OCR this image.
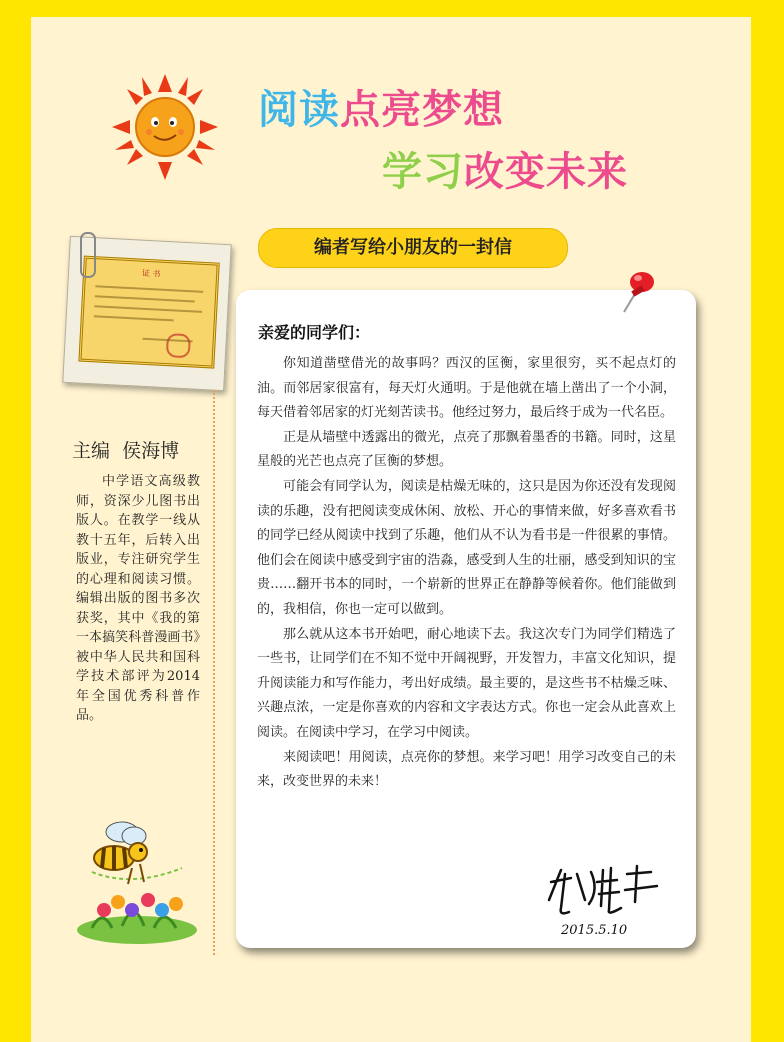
阅读点亮梦想
学习改变未来
编者写给小朋友的一封信
证 书
主编  侯海博
中学语文高级教师，资深少儿图书出版人。在教学一线从教十五年，后转入出版业，专注研究学生的心理和阅读习惯。编辑出版的图书多次获奖，其中《我的第一本搞笑科普漫画书》被中华人民共和国科学技术部评为2014年全国优秀科普作品。
亲爱的同学们：

你知道凿壁借光的故事吗？西汉的匡衡，家里很穷，买不起点灯的油。而邻居家很富有，每天灯火通明。于是他就在墙上凿出了一个小洞，每天借着邻居家的灯光刻苦读书。他经过努力，最后终于成为一代名臣。

正是从墙壁中透露出的微光，点亮了那飘着墨香的书籍。同时，这星星般的光芒也点亮了匡衡的梦想。

可能会有同学认为，阅读是枯燥无味的，这只是因为你还没有发现阅读的乐趣，没有把阅读变成休闲、放松、开心的事情来做，好多喜欢看书的同学已经从阅读中找到了乐趣，他们从不认为看书是一件很累的事情。他们会在阅读中感受到宇宙的浩淼，感受到人生的壮丽，感受到知识的宝贵……翻开书本的同时，一个崭新的世界正在静静等候着你。他们能做到的，我相信，你也一定可以做到。

那么就从这本书开始吧，耐心地读下去。我这次专门为同学们精选了一些书，让同学们在不知不觉中开阔视野，开发智力，丰富文化知识，提升阅读能力和写作能力，考出好成绩。最主要的，是这些书不枯燥乏味、兴趣点浓，一定是你喜欢的内容和文字表达方式。你也一定会从此喜欢上阅读。在阅读中学习，在学习中阅读。

来阅读吧！用阅读，点亮你的梦想。来学习吧！用学习改变自己的未来，改变世界的未来！

2015.5.10
